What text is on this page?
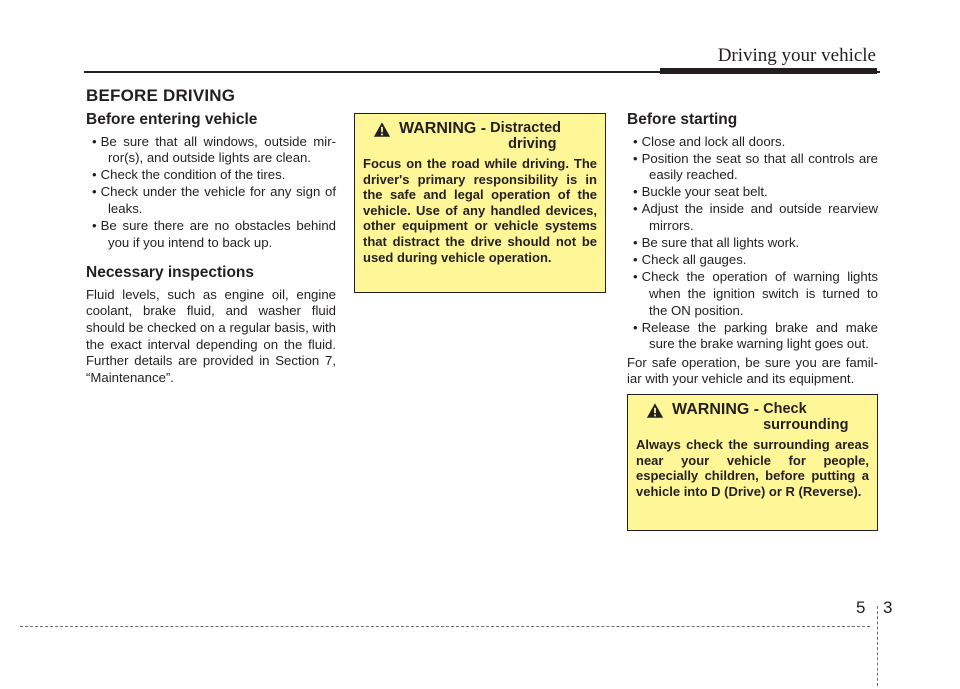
Driving your vehicle
BEFORE DRIVING
Before entering vehicle
• Be sure that all windows, outside mir-ror(s), and outside lights are clean.
• Check the condition of the tires.
• Check under the vehicle for any sign of leaks.
• Be sure there are no obstacles behind you if you intend to back up.
Necessary inspections

Fluid levels, such as engine oil, engine coolant, brake fluid, and washer fluid should be checked on a regular basis, with the exact interval depending on the fluid. Further details are provided in Section 7, “Maintenance”.

WARNING - Distracted
driving
Focus on the road while driving. The driver's primary responsibility is in the safe and legal operation of the vehicle. Use of any handled devices, other equipment or vehicle systems that distract the drive should not be used during vehicle operation.
Before starting
• Close and lock all doors.
• Position the seat so that all controls are easily reached.
• Buckle your seat belt.
• Adjust the inside and outside rearview mirrors.
• Be sure that all lights work.
• Check all gauges.
• Check the operation of warning lights when the ignition switch is turned to the ON position.
• Release the parking brake and make sure the brake warning light goes out.

For safe operation, be sure you are famil-iar with your vehicle and its equipment.

WARNING - Check
surrounding
Always check the surrounding areas near your vehicle for people, especially children, before putting a vehicle into D (Drive) or R (Reverse).
5 3
